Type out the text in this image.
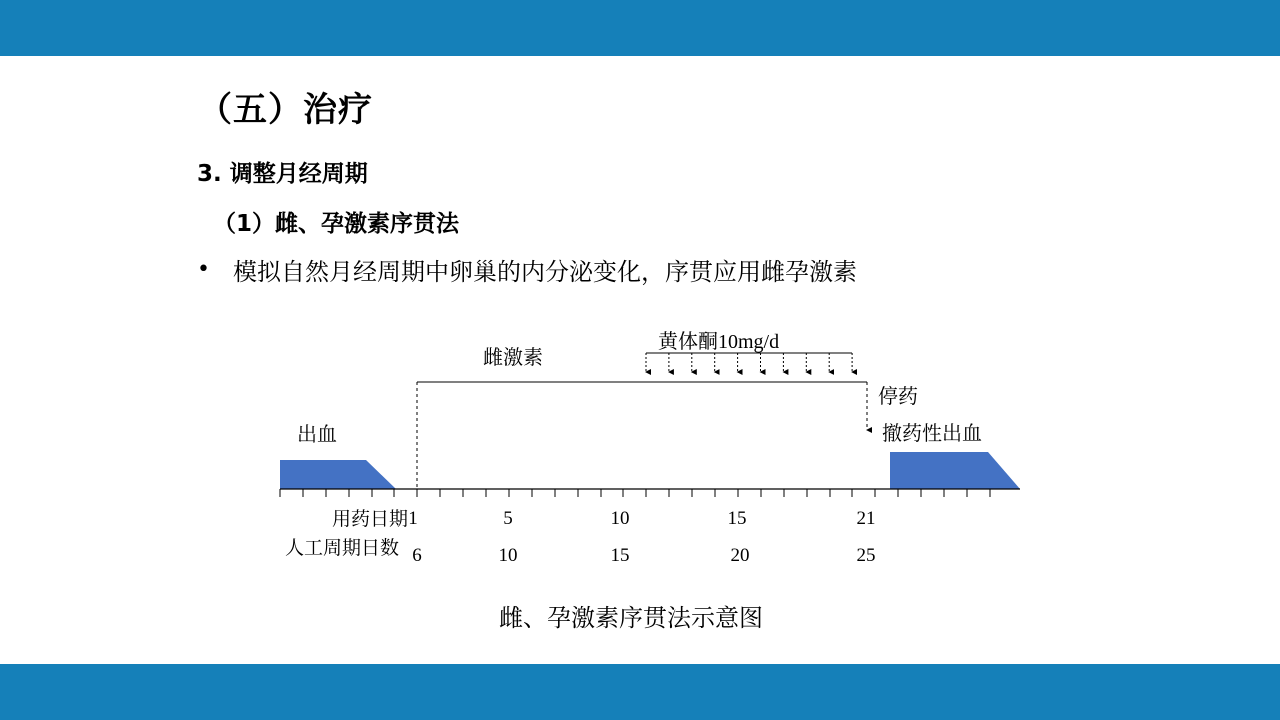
（五）治疗
3. 调整月经周期
（1）雌、孕激素序贯法
• 模拟自然月经周期中卵巢的内分泌变化，序贯应用雌孕激素
雌激素
黄体酮10mg/d
停药
撤药性出血
出血
用药日期
人工周期日数
1	5	10	15	21
6	10	15	20	25
雌、孕激素序贯法示意图
